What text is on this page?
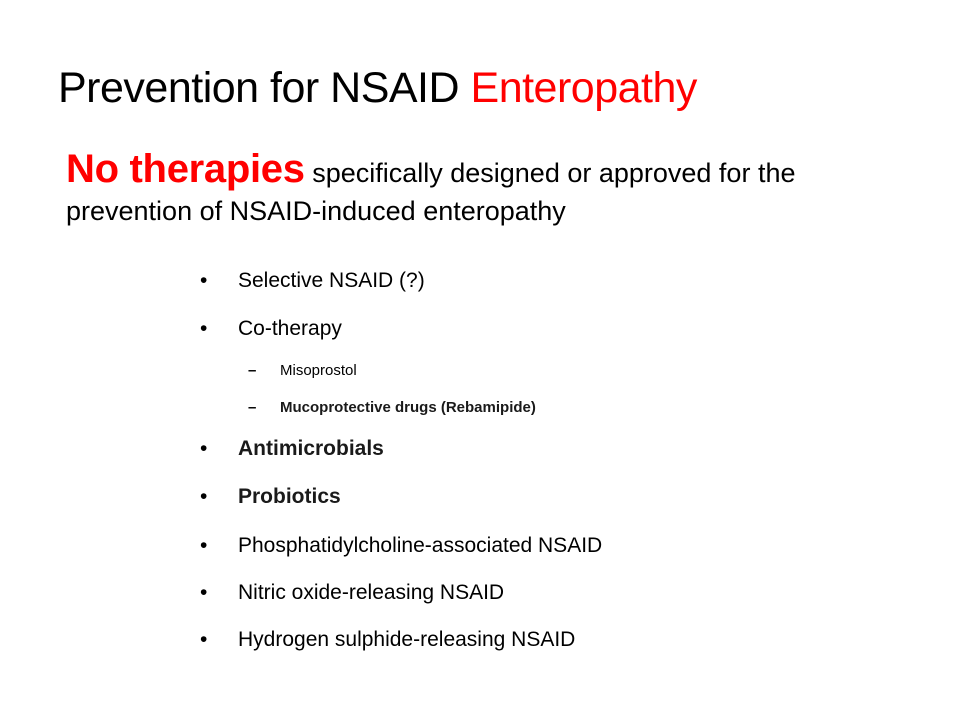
Prevention for NSAID Enteropathy
No therapies specifically designed or approved for the prevention of NSAID-induced enteropathy
•	Selective NSAID (?)
•	Co-therapy
–	Misoprostol
–	Mucoprotective drugs (Rebamipide)
•	Antimicrobials
•	Probiotics
•	Phosphatidylcholine-associated NSAID
•	Nitric oxide-releasing NSAID
•	Hydrogen sulphide-releasing NSAID
